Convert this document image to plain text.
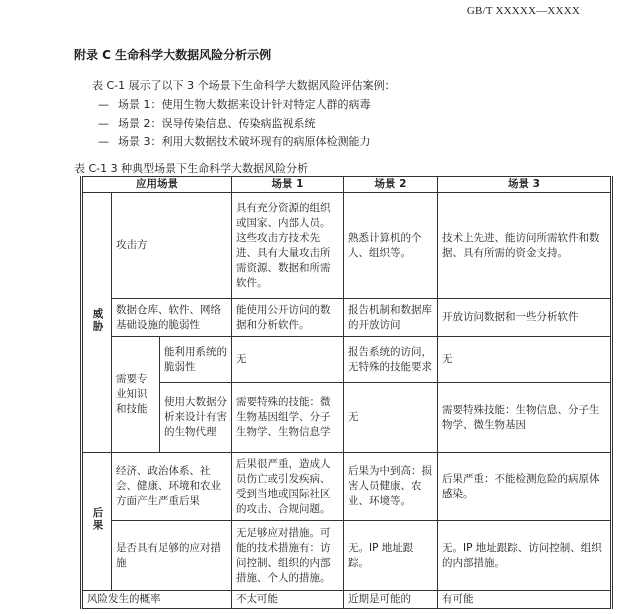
GB/T XXXXX—XXXX
附录 C 生命科学大数据风险分析示例
表 C-1 展示了以下 3 个场景下生命科学大数据风险评估案例：
— 场景 1：使用生物大数据来设计针对特定人群的病毒
— 场景 2：误导传染信息、传染病监视系统
— 场景 3：利用大数据技术破坏现有的病原体检测能力
表 C-1 3 种典型场景下生命科学大数据风险分析
应用场景			场景 1	场景 2	场景 3
威胁	攻击方		具有充分资源的组织或国家、内部人员。这些攻击方技术先进、具有大量攻击所需资源、数据和所需软件。	熟悉计算机的个人、组织等。	技术上先进、能访问所需软件和数据、具有所需的资金支持。
	数据仓库、软件、网络基础设施的脆弱性		能使用公开访问的数据和分析软件。	报告机制和数据库的开放访问	开放访问数据和一些分析软件
	需要专业知识和技能	能利用系统的脆弱性	无	报告系统的访问，无特殊的技能要求	无
		使用大数据分析来设计有害的生物代理	需要特殊的技能：微生物基因组学、分子生物学、生物信息学	无	需要特殊技能：生物信息、分子生物学、微生物基因
后果	经济、政治体系、社会、健康、环境和农业方面产生严重后果		后果很严重，造成人员伤亡或引发疾病、受到当地或国际社区的攻击、合规问题。	后果为中到高：损害人员健康、农业、环境等。	后果严重：不能检测危险的病原体感染。
	是否具有足够的应对措施		无足够应对措施。可能的技术措施有：访问控制、组织的内部措施、个人的措施。	无。IP 地址跟踪。	无。IP 地址跟踪、访问控制、组织的内部措施。
风险发生的概率			不太可能	近期是可能的	有可能
